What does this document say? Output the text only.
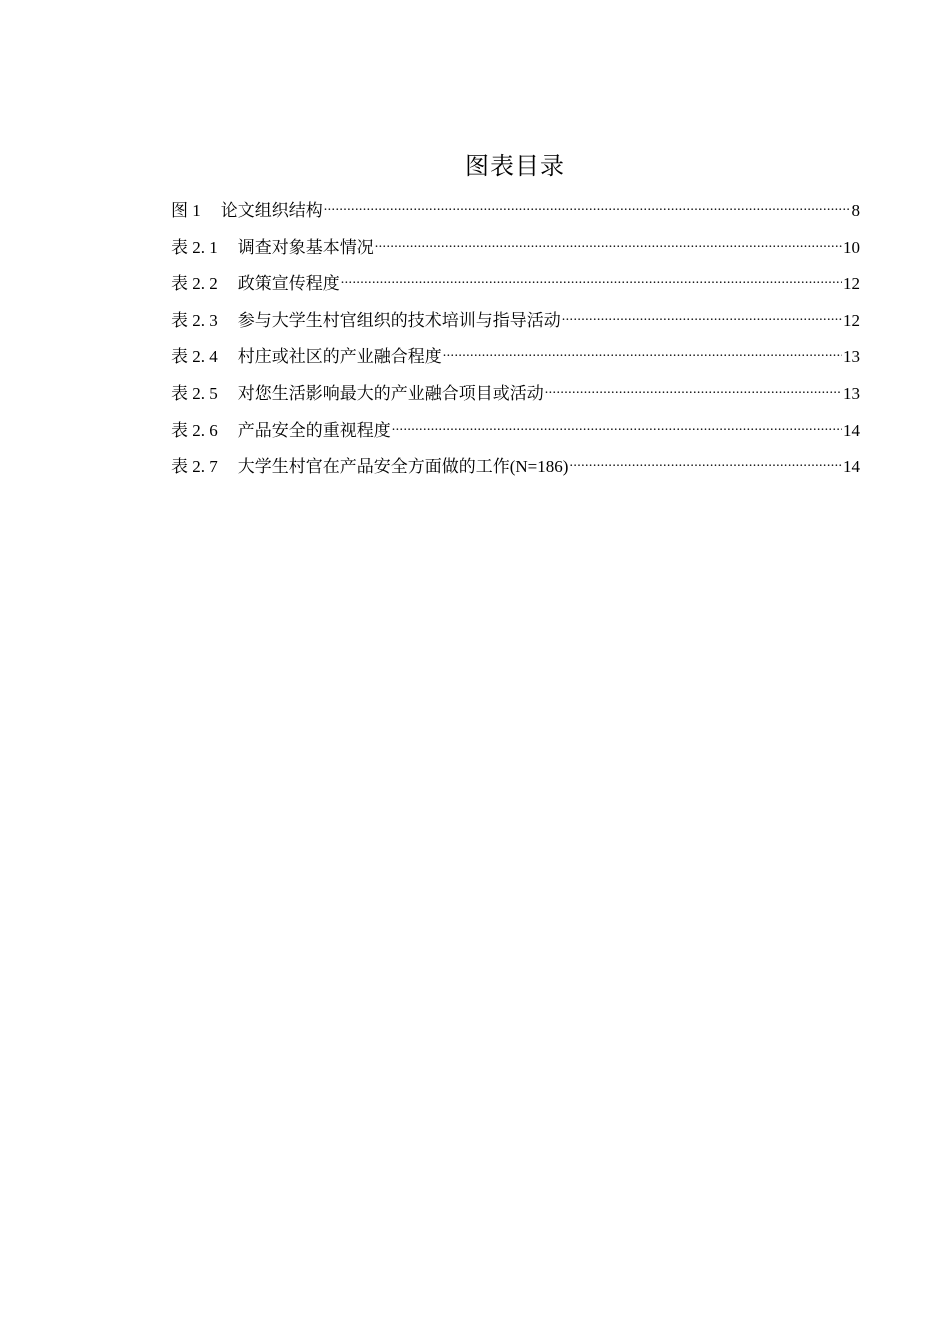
图表目录
图 1 论文组织结构 .....	8
表 2. 1 调查对象基本情况 .....	10
表 2. 2 政策宣传程度 .....	12
表 2. 3 参与大学生村官组织的技术培训与指导活动 .....	12
表 2. 4 村庄或社区的产业融合程度 .....	13
表 2. 5 对您生活影响最大的产业融合项目或活动 .....	13
表 2. 6 产品安全的重视程度 .....	14
表 2. 7 大学生村官在产品安全方面做的工作(N=186) .....	14
